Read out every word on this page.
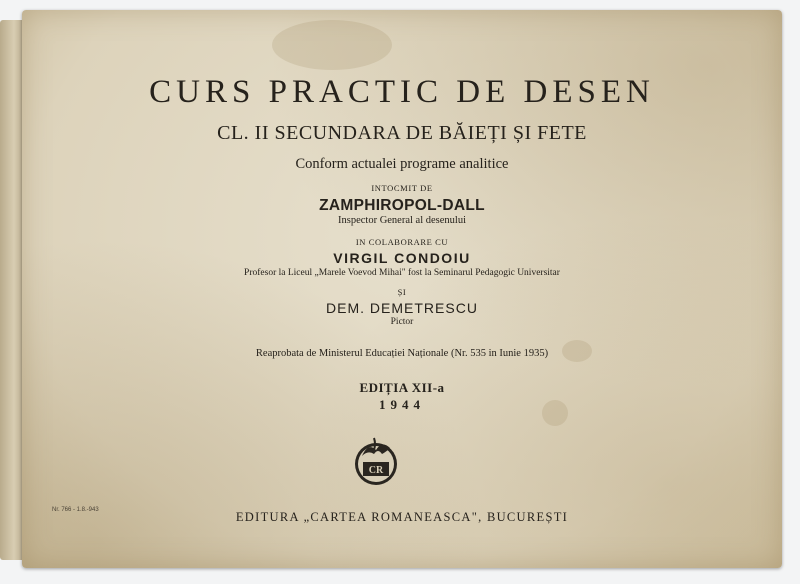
CURS PRACTIC DE DESEN
CL. II SECUNDARA DE BĂIEȚI ȘI FETE
Conform actualei programe analitice
INTOCMIT DE
ZAMPHIROPOL-DALL
Inspector General al desenului
IN COLABORARE CU
VIRGIL CONDOIU
Profesor la Liceul „Marele Voevod Mihai" fost la Seminarul Pedagogic Universitar
ȘI
DEM. DEMETRESCU
Pictor
Reaprobata de Ministerul Educației Naționale (Nr. 535 in Iunie 1935)
EDIȚIA XII-a
1944
CR
Nr. 766 - 1.8.-943	EDITURA „CARTEA ROMANEASCA", BUCUREȘTI
